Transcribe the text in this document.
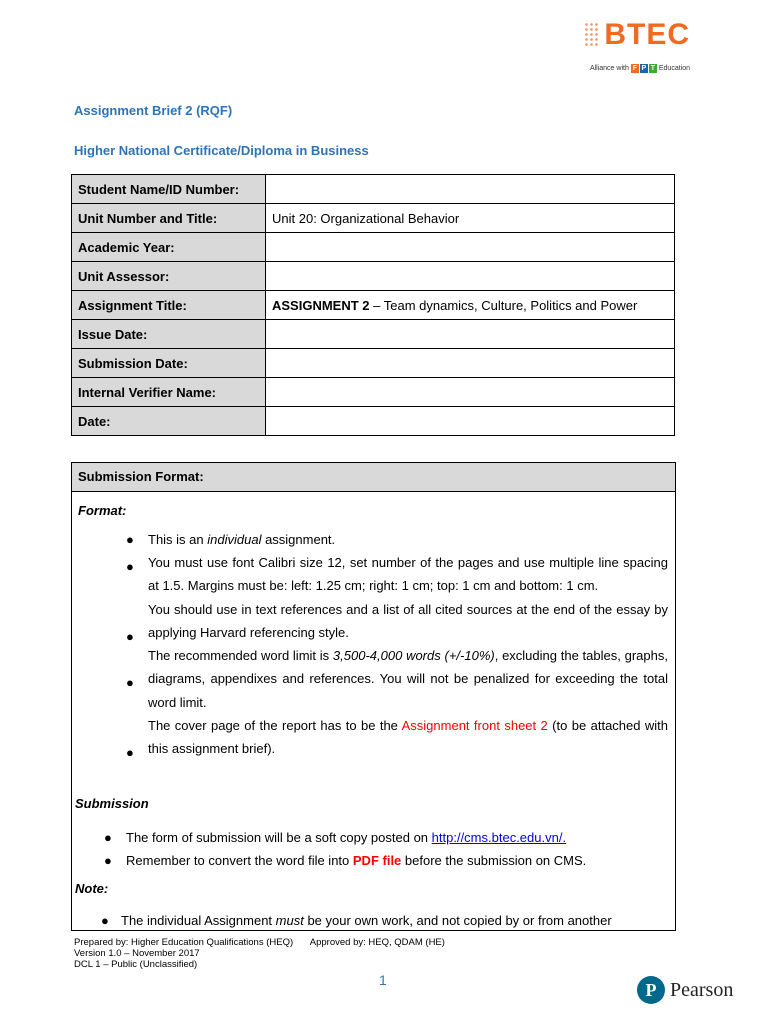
BTEC
Alliance with F P T Education
Assignment Brief 2 (RQF)
Higher National Certificate/Diploma in Business
Student Name/ID Number:	
Unit Number and Title:	Unit 20: Organizational Behavior
Academic Year:	
Unit Assessor:	
Assignment Title:	ASSIGNMENT 2 – Team dynamics, Culture, Politics and Power
Issue Date:	
Submission Date:	
Internal Verifier Name:	
Date:	
Submission Format:

Format:

● This is an individual assignment.

You must use font Calibri size 12, set number of the pages and use multiple line spacing at 1.5. Margins must be: left: 1.25 cm; right: 1 cm; top: 1 cm and bottom: 1 cm.

You should use in text references and a list of all cited sources at the end of the essay by applying Harvard referencing style.

The recommended word limit is 3,500-4,000 words (+/-10%), excluding the tables, graphs, diagrams, appendixes and references. You will not be penalized for exceeding the total word limit.

The cover page of the report has to be the Assignment front sheet 2 (to be attached with this assignment brief).

●
●
●
●

Submission

● The form of submission will be a soft copy posted on http://cms.btec.edu.vn/.

● Remember to convert the word file into PDF file before the submission on CMS.

Note:

● The individual Assignment must be your own work, and not copied by or from another

Prepared by: Higher Education Qualifications (HEQ) Approved by: HEQ, QDAM (HE)
Version 1.0 – November 2017
DCL 1 – Public (Unclassified)
1	P Pearson
